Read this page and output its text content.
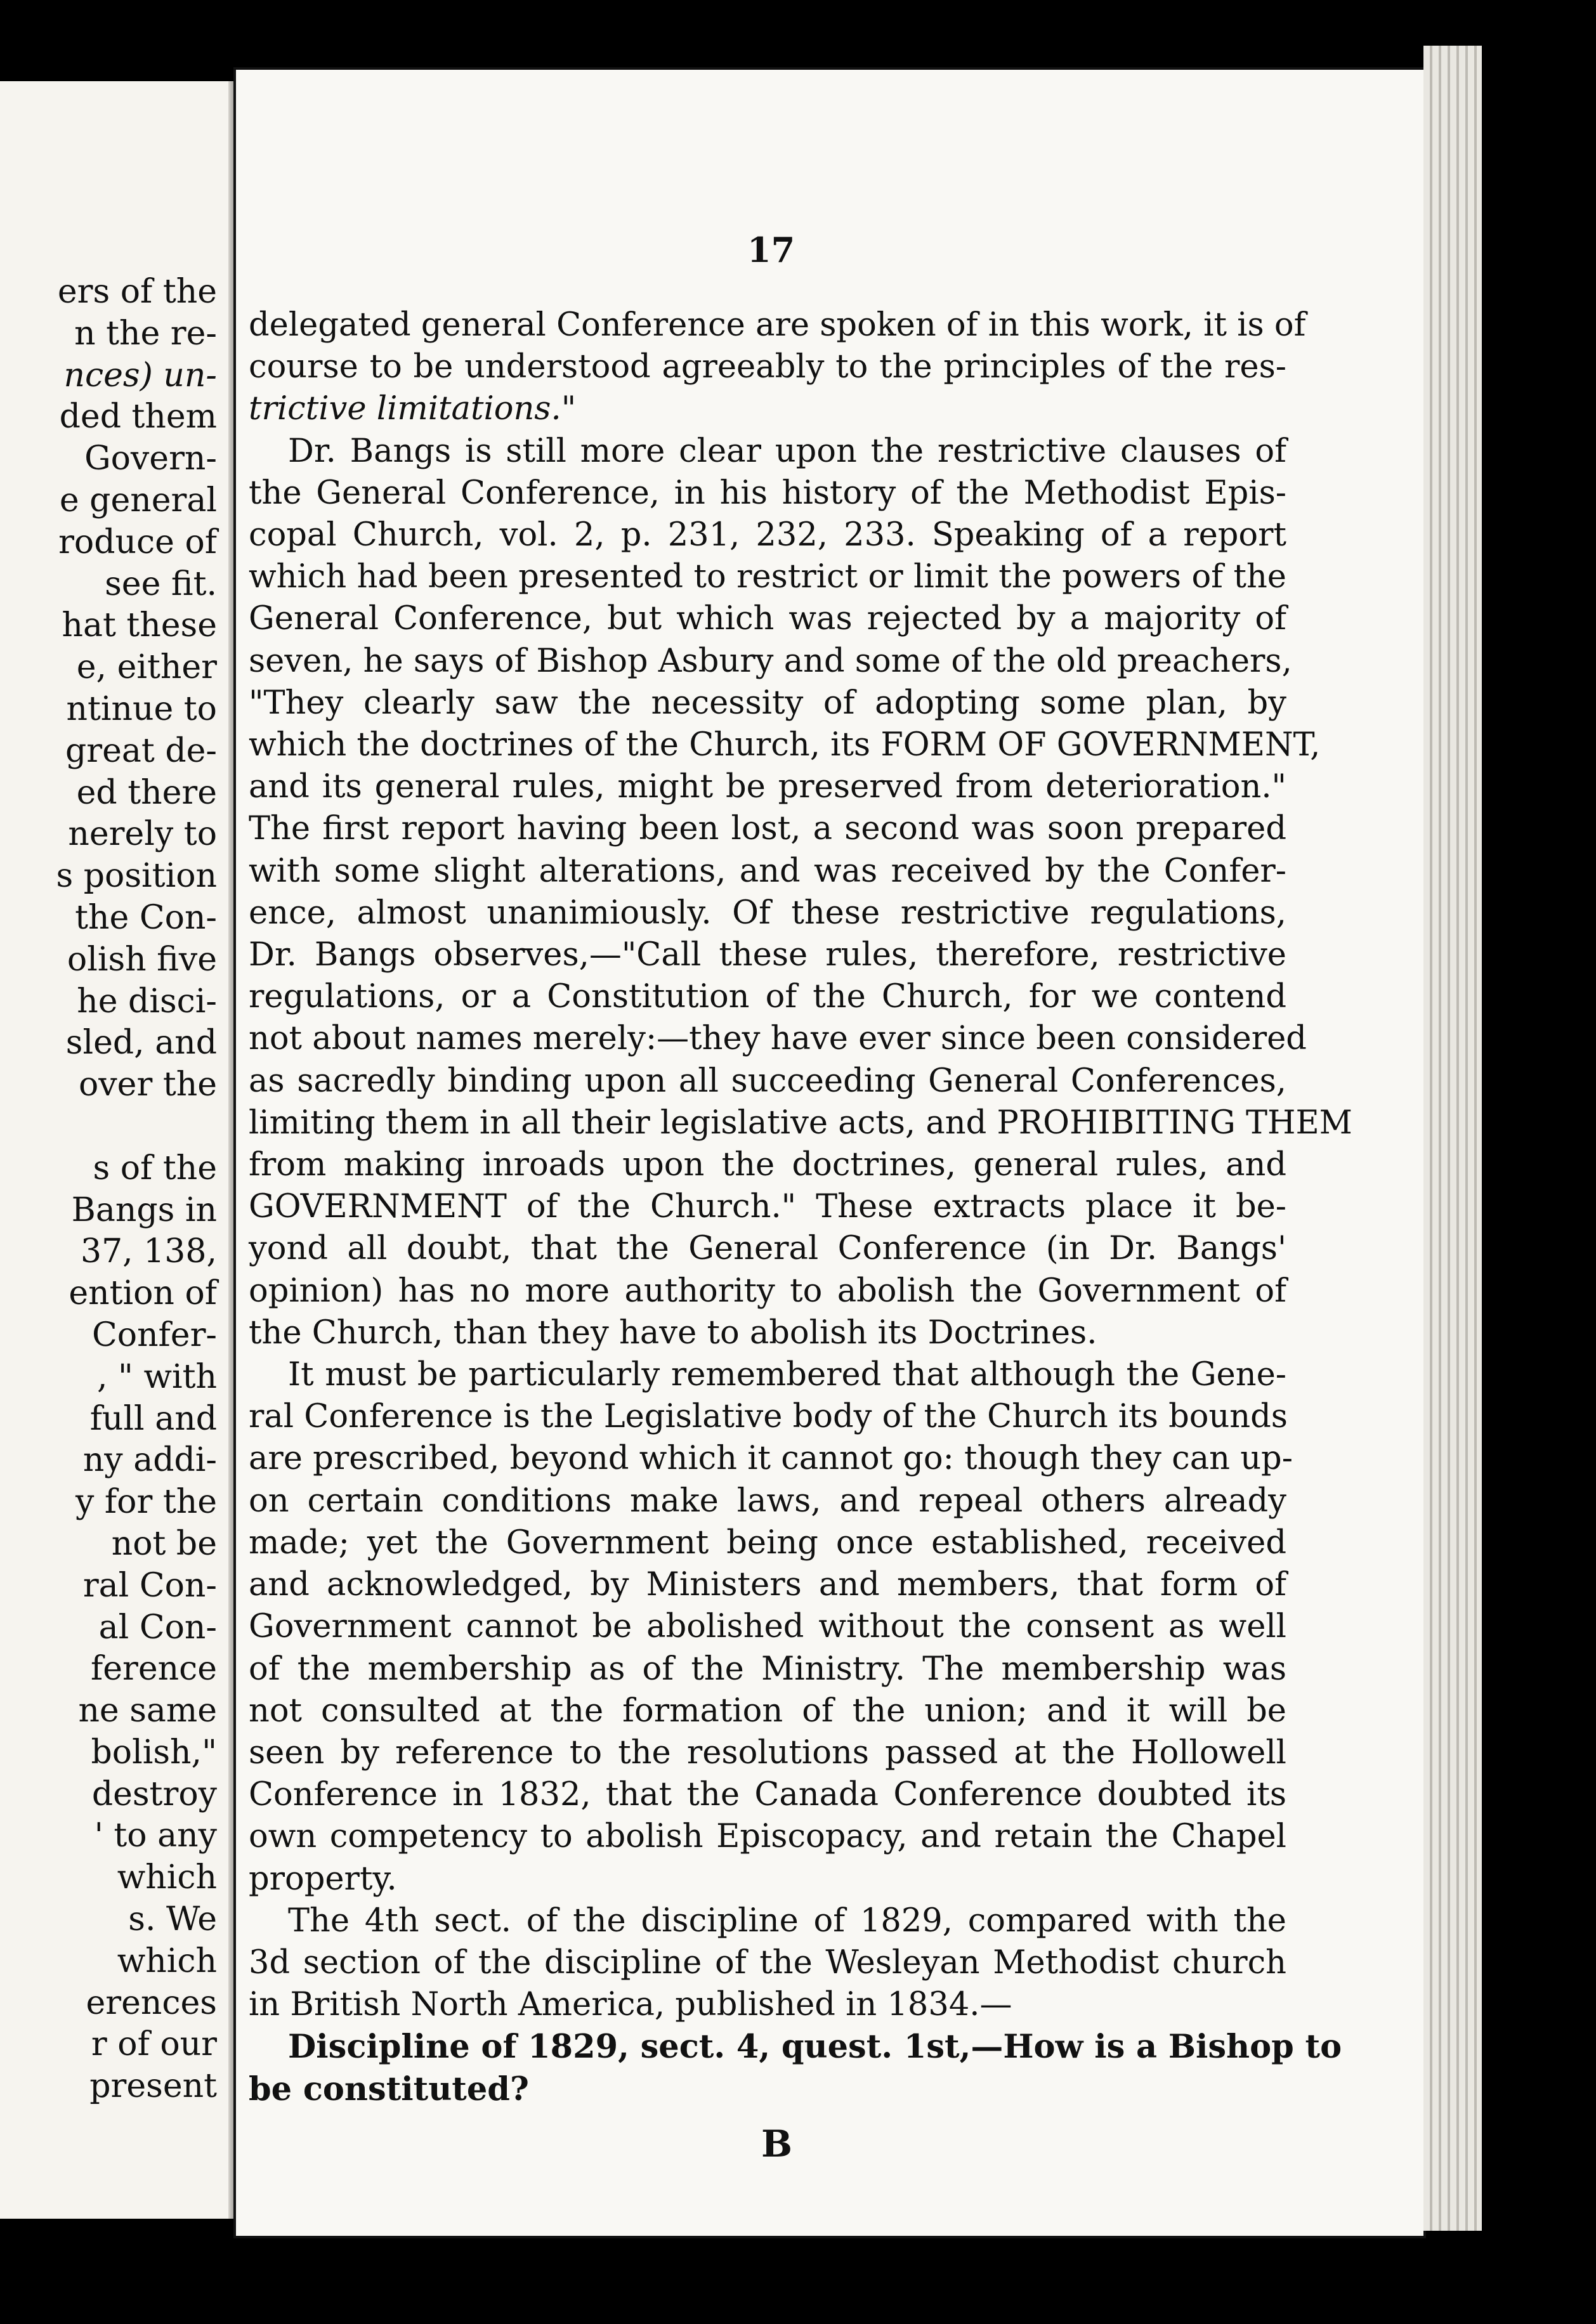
ers of the
n the re-
nces) un-
ded them
Govern-
e general
roduce of
see fit.
hat these
e, either
ntinue to
great de-
ed there
nerely to
s position
the Con-
olish five
he disci-
sled, and
over the

s of the
Bangs in
37, 138,
ention of
Confer-
, " with
full and
ny addi-
y for the
not be
ral Con-
al Con-
ference
ne same
bolish,"
destroy
' to any
which
s. We
which
erences
r of our
present
17
delegated general Conference are spoken of in this work, it is of
course to be understood agreeably to the principles of the res-
trictive limitations."
Dr. Bangs is still more clear upon the restrictive clauses of
the General Conference, in his history of the Methodist Epis-
copal Church, vol. 2, p. 231, 232, 233. Speaking of a report
which had been presented to restrict or limit the powers of the
General Conference, but which was rejected by a majority of
seven, he says of Bishop Asbury and some of the old preachers,
"They clearly saw the necessity of adopting some plan, by
which the doctrines of the Church, its FORM OF GOVERNMENT,
and its general rules, might be preserved from deterioration."
The first report having been lost, a second was soon prepared
with some slight alterations, and was received by the Confer-
ence, almost unanimiously. Of these restrictive regulations,
Dr. Bangs observes,—"Call these rules, therefore, restrictive
regulations, or a Constitution of the Church, for we contend
not about names merely:—they have ever since been considered
as sacredly binding upon all succeeding General Conferences,
limiting them in all their legislative acts, and PROHIBITING THEM
from making inroads upon the doctrines, general rules, and
GOVERNMENT of the Church." These extracts place it be-
yond all doubt, that the General Conference (in Dr. Bangs'
opinion) has no more authority to abolish the Government of
the Church, than they have to abolish its Doctrines.
It must be particularly remembered that although the Gene-
ral Conference is the Legislative body of the Church its bounds
are prescribed, beyond which it cannot go: though they can up-
on certain conditions make laws, and repeal others already
made; yet the Government being once established, received
and acknowledged, by Ministers and members, that form of
Government cannot be abolished without the consent as well
of the membership as of the Ministry. The membership was
not consulted at the formation of the union; and it will be
seen by reference to the resolutions passed at the Hollowell
Conference in 1832, that the Canada Conference doubted its
own competency to abolish Episcopacy, and retain the Chapel
property.
The 4th sect. of the discipline of 1829, compared with the
3d section of the discipline of the Wesleyan Methodist church
in British North America, published in 1834.—
Discipline of 1829, sect. 4, quest. 1st,—How is a Bishop to
be constituted?
B
